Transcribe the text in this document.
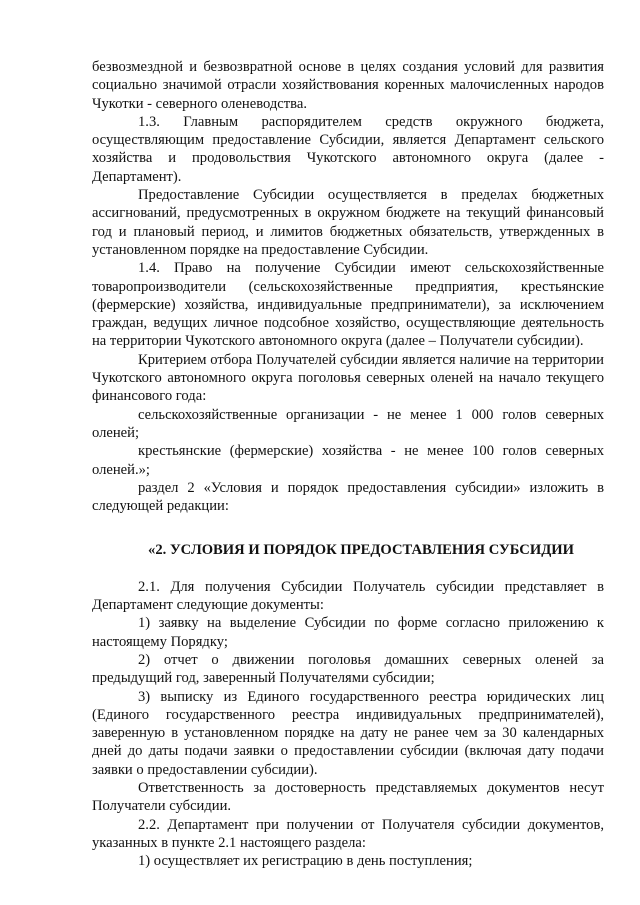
безвозмездной и безвозвратной основе в целях создания условий для развития социально значимой отрасли хозяйствования коренных малочисленных народов Чукотки - северного оленеводства.

1.3. Главным распорядителем средств окружного бюджета, осуществляющим предоставление Субсидии, является Департамент сельского хозяйства и продовольствия Чукотского автономного округа (далее - Департамент).

Предоставление Субсидии осуществляется в пределах бюджетных ассигнований, предусмотренных в окружном бюджете на текущий финансовый год и плановый период, и лимитов бюджетных обязательств, утвержденных в установленном порядке на предоставление Субсидии.

1.4. Право на получение Субсидии имеют сельскохозяйственные товаропроизводители (сельскохозяйственные предприятия, крестьянские (фермерские) хозяйства, индивидуальные предприниматели), за исключением граждан, ведущих личное подсобное хозяйство, осуществляющие деятельность на территории Чукотского автономного округа (далее – Получатели субсидии).

Критерием отбора Получателей субсидии является наличие на территории Чукотского автономного округа поголовья северных оленей на начало текущего финансового года:

сельскохозяйственные организации - не менее 1 000 голов северных оленей;

крестьянские (фермерские) хозяйства - не менее 100 голов северных оленей.»;

раздел 2 «Условия и порядок предоставления субсидии» изложить в следующей редакции:

«2. УСЛОВИЯ И ПОРЯДОК ПРЕДОСТАВЛЕНИЯ СУБСИДИИ

2.1. Для получения Субсидии Получатель субсидии представляет в Департамент следующие документы:

1) заявку на выделение Субсидии по форме согласно приложению к настоящему Порядку;

2) отчет о движении поголовья домашних северных оленей за предыдущий год, заверенный Получателями субсидии;

3) выписку из Единого государственного реестра юридических лиц (Единого государственного реестра индивидуальных предпринимателей), заверенную в установленном порядке на дату не ранее чем за 30 календарных дней до даты подачи заявки о предоставлении субсидии (включая дату подачи заявки о предоставлении субсидии).

Ответственность за достоверность представляемых документов несут Получатели субсидии.

2.2. Департамент при получении от Получателя субсидии документов, указанных в пункте 2.1 настоящего раздела:

1) осуществляет их регистрацию в день поступления;
